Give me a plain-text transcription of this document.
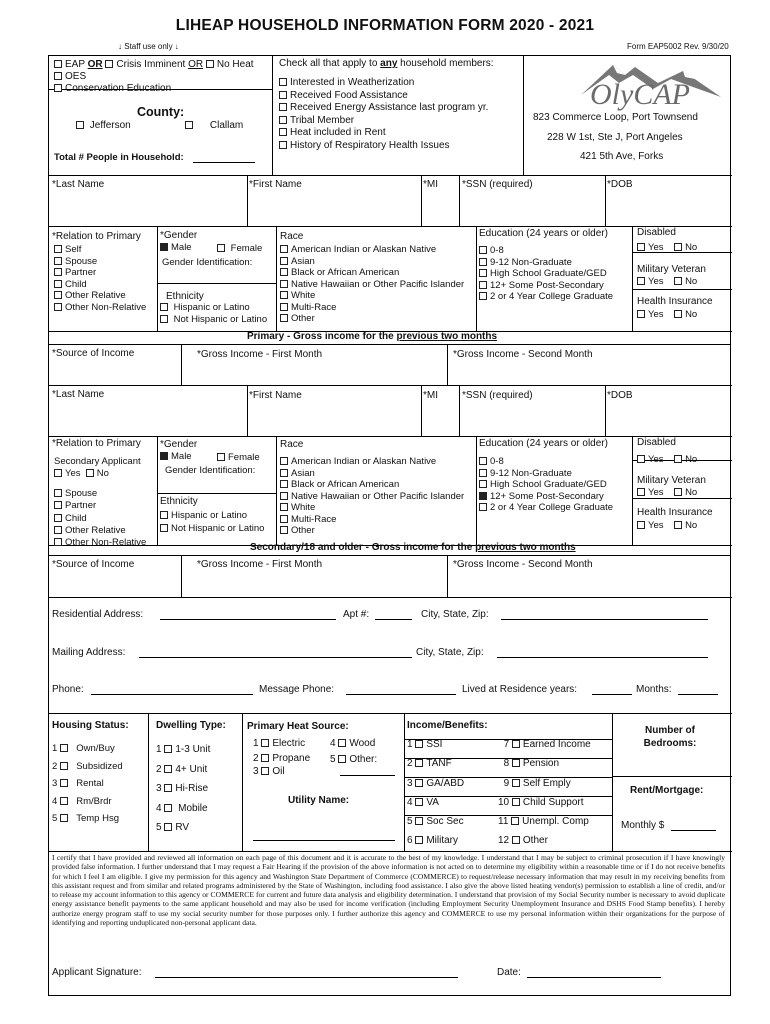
LIHEAP HOUSEHOLD INFORMATION FORM 2020 - 2021
↓ Staff use only ↓	Form EAP5002 Rev. 9/30/20
EAP OR Crisis Imminent OR No Heat
OES
Conservation Education
County:
Jefferson	Clallam
Total # People in Household:
Check all that apply to any household members:
Interested in Weatherization
Received Food Assistance
Received Energy Assistance last program yr.
Tribal Member
Heat included in Rent
History of Respiratory Health Issues
OlyCAP
823 Commerce Loop, Port Townsend
228 W 1st, Ste J, Port Angeles
421 5th Ave, Forks
*Last Name	*First Name	*MI *SSN (required)	*DOB
*Relation to Primary
Self
Spouse
Partner
Child
Other Relative
Other Non-Relative
*Gender
Male	Female
Gender Identification:
Ethnicity
Hispanic or Latino
Not Hispanic or Latino
Race
American Indian or Alaskan Native
Asian
Black or African American
Native Hawaiian or Other Pacific Islander
White
Multi-Race
Other
Education (24 years or older)
0-8
9-12 Non-Graduate
High School Graduate/GED
12+ Some Post-Secondary
2 or 4 Year College Graduate
Disabled
Yes No
Military Veteran
Yes No
Health Insurance
Yes No
Primary - Gross income for the previous two months
*Source of Income	*Gross Income - First Month	*Gross Income - Second Month
*Last Name	*First Name	*MI *SSN (required)	*DOB
*Relation to Primary
Secondary Applicant
Yes No
Spouse
Partner
Child
Other Relative
Other Non-Relative
*Gender
Male	Female
Gender Identification:
Ethnicity
Hispanic or Latino
Not Hispanic or Latino
Race
American Indian or Alaskan Native
Asian
Black or African American
Native Hawaiian or Other Pacific Islander
White
Multi-Race
Other
Education (24 years or older)
0-8
9-12 Non-Graduate
High School Graduate/GED
12+ Some Post-Secondary
2 or 4 Year College Graduate
Disabled
Yes No
Military Veteran
Yes No
Health Insurance
Yes No
Secondary/18 and older - Gross income for the previous two months
*Source of Income	*Gross Income - First Month	*Gross Income - Second Month
Residential Address:	Apt #:	City, State, Zip:
Mailing Address:	City, State, Zip:
Phone:	Message Phone:	Lived at Residence years:	Months:
Housing Status:
1 Own/Buy
2 Subsidized
3 Rental
4 Rm/Brdr
5 Temp Hsg
Dwelling Type:
1 1-3 Unit
2 4+ Unit
3 Hi-Rise
4 Mobile
5 RV
Primary Heat Source:
1 Electric 4 Wood
2 Propane 5 Other:
3 Oil
Utility Name:
Income/Benefits:
1 SSI
2 TANF
3 GA/ABD
4 VA
5 Soc Sec
6 Military
7 Earned Income
8 Pension
9 Self Emply
10 Child Support
11 Unempl. Comp
12 Other
Number of Bedrooms:
Rent/Mortgage:
Monthly $
I certify that I have provided and reviewed all information on each page of this document and it is accurate to the best of my knowledge. I understand that I may be subject to criminal prosecution if I have knowingly provided false information. I further understand that I may request a Fair Hearing if the provision of the above information is not acted on to determine my eligibility within a reasonable time or if I do not receive benefits for which I feel I am eligible. I give my permission for this agency and Washington State Department of Commerce (COMMERCE) to request/release necessary information that may result in my receiving benefits from this assistant request and from similar and related programs administered by the State of Washington, including food assistance. I also give the above listed heating vendor(s) permission to establish a line of credit, and/or to release my account information to this agency or COMMERCE for current and future data analysis and eligibility determination. I understand that provision of my Social Security number is necessary to avoid duplicate energy assistance benefit payments to the same applicant household and may also be used for income verification (including Employment Security Unemployment Insurance and DSHS Food Stamp benefits). I hereby authorize energy program staff to use my social security number for those purposes only. I further authorize this agency and COMMERCE to use my personal information within their organizations for the purpose of identifying and reporting unduplicated non-personal applicant data.
Applicant Signature:	Date:
